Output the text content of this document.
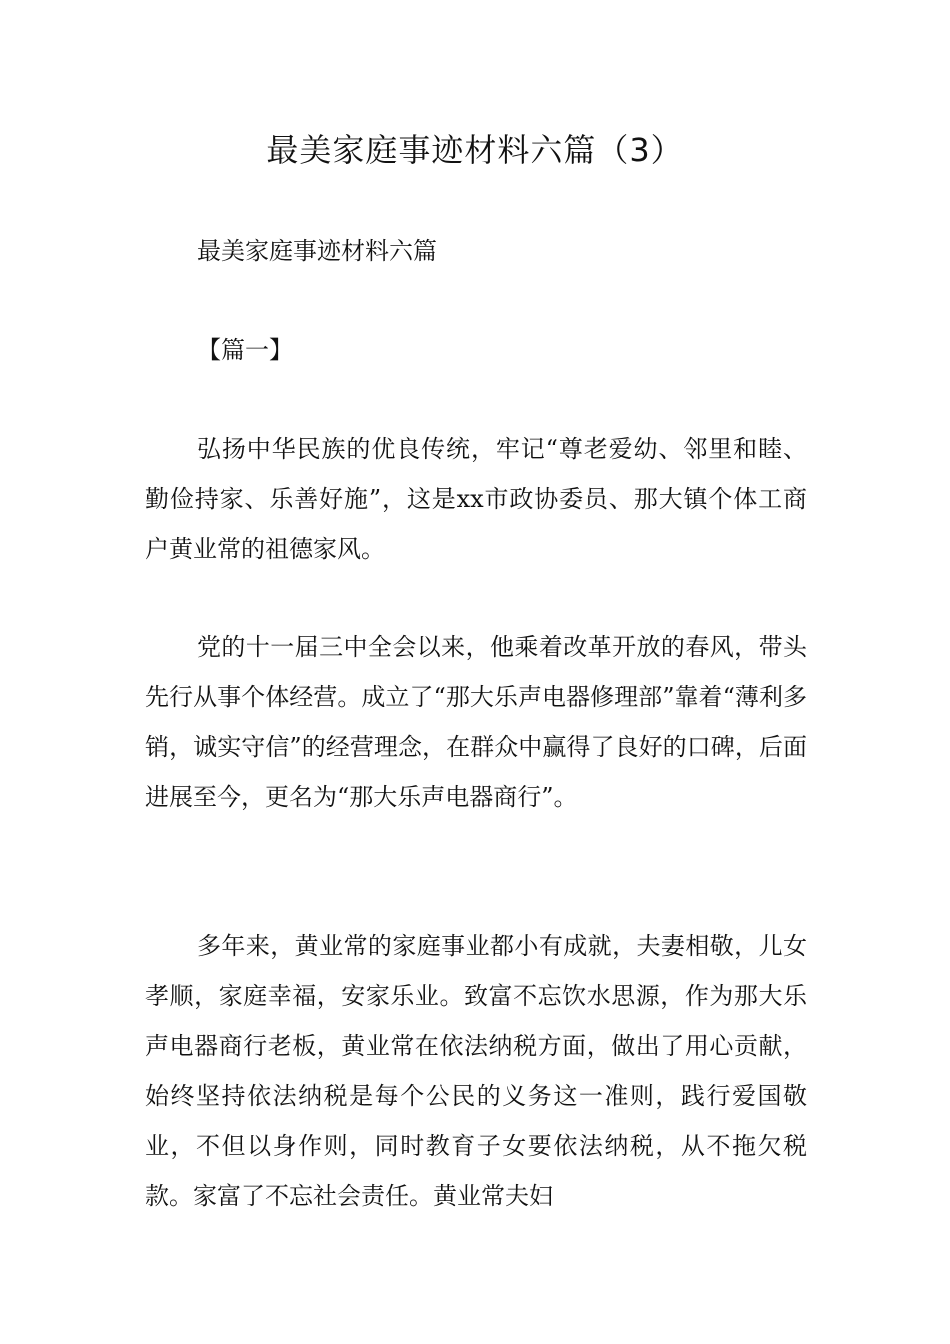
最美家庭事迹材料六篇（3）

最美家庭事迹材料六篇

【篇一】

弘扬中华民族的优良传统，牢记“尊老爱幼、邻里和睦、勤俭持家、乐善好施”，这是xx市政协委员、那大镇个体工商户黄业常的祖德家风。

党的十一届三中全会以来，他乘着改革开放的春风，带头先行从事个体经营。成立了“那大乐声电器修理部”靠着“薄利多销，诚实守信”的经营理念，在群众中赢得了良好的口碑，后面进展至今，更名为“那大乐声电器商行”。

多年来，黄业常的家庭事业都小有成就，夫妻相敬，儿女孝顺，家庭幸福，安家乐业。致富不忘饮水思源，作为那大乐声电器商行老板，黄业常在依法纳税方面，做出了用心贡献，始终坚持依法纳税是每个公民的义务这一准则，践行爱国敬业，不但以身作则，同时教育子女要依法纳税，从不拖欠税款。家富了不忘社会责任。黄业常夫妇
